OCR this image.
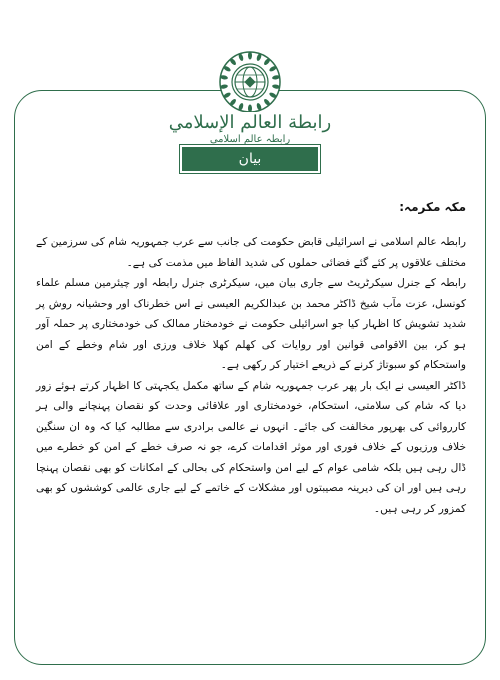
رابطة العالم الإسلامي
رابطہ عالم اسلامی
بیان
مکہ مکرمہ:

رابطہ عالم اسلامی نے اسرائیلی قابض حکومت کی جانب سے عرب جمہوریہ شام کی سرزمین کے مختلف علاقوں پر کئے گئے فضائی حملوں کی شدید الفاظ میں مذمت کی ہے۔

رابطہ کے جنرل سیکرٹریٹ سے جاری بیان میں، سیکرٹری جنرل رابطہ اور چیئرمین مسلم علماء کونسل، عزت مآب شیخ ڈاکٹر محمد بن عبدالکریم العیسی نے اس خطرناک اور وحشیانہ روش پر شدید تشویش کا اظہار کیا جو اسرائیلی حکومت نے خودمختار ممالک کی خودمختاری پر حملہ آور ہو کر، بین الاقوامی قوانین اور روایات کی کھلم کھلا خلاف ورزی اور شام وخطے کے امن واستحکام کو سبوتاژ کرنے کے ذریعے اختیار کر رکھی ہے۔

ڈاکٹر العیسی نے ایک بار پھر عرب جمہوریہ شام کے ساتھ مکمل یکجہتی کا اظہار کرتے ہوئے زور دیا کہ شام کی سلامتی، استحکام، خودمختاری اور علاقائی وحدت کو نقصان پہنچانے والی ہر کارروائی کی بھرپور مخالفت کی جائے۔ انہوں نے عالمی برادری سے مطالبہ کیا کہ وہ ان سنگین خلاف ورزیوں کے خلاف فوری اور موثر اقدامات کرے، جو نہ صرف خطے کے امن کو خطرے میں ڈال رہی ہیں بلکہ شامی عوام کے لیے امن واستحکام کی بحالی کے امکانات کو بھی نقصان پہنچا رہی ہیں اور ان کی دیرینہ مصیبتوں اور مشکلات کے خاتمے کے لیے جاری عالمی کوششوں کو بھی کمزور کر رہی ہیں۔
